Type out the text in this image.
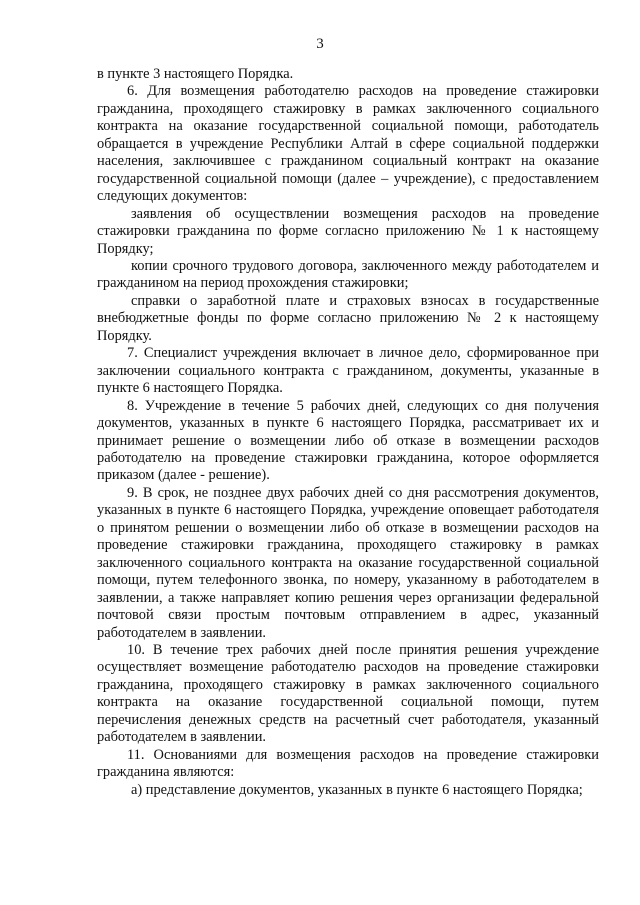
3

в пункте 3 настоящего Порядка.

6. Для возмещения работодателю расходов на проведение стажировки гражданина, проходящего стажировку в рамках заключенного социального контракта на оказание государственной социальной помощи, работодатель обращается в учреждение Республики Алтай в сфере социальной поддержки населения, заключившее с гражданином социальный контракт на оказание государственной социальной помощи (далее – учреждение), с предоставлением следующих документов:

заявления об осуществлении возмещения расходов на проведение стажировки гражданина по форме согласно приложению № 1 к настоящему Порядку;

копии срочного трудового договора, заключенного между работодателем и гражданином на период прохождения стажировки;

справки о заработной плате и страховых взносах в государственные внебюджетные фонды по форме согласно приложению № 2 к настоящему Порядку.

7. Специалист учреждения включает в личное дело, сформированное при заключении социального контракта с гражданином, документы, указанные в пункте 6 настоящего Порядка.

8. Учреждение в течение 5 рабочих дней, следующих со дня получения документов, указанных в пункте 6 настоящего Порядка, рассматривает их и принимает решение о возмещении либо об отказе в возмещении расходов работодателю на проведение стажировки гражданина, которое оформляется приказом (далее - решение).

9. В срок, не позднее двух рабочих дней со дня рассмотрения документов, указанных в пункте 6 настоящего Порядка, учреждение оповещает работодателя о принятом решении о возмещении либо об отказе в возмещении расходов на проведение стажировки гражданина, проходящего стажировку в рамках заключенного социального контракта на оказание государственной социальной помощи, путем телефонного звонка, по номеру, указанному в работодателем в заявлении, а также направляет копию решения через организации федеральной почтовой связи простым почтовым отправлением в адрес, указанный работодателем в заявлении.

10. В течение трех рабочих дней после принятия решения учреждение осуществляет возмещение работодателю расходов на проведение стажировки гражданина, проходящего стажировку в рамках заключенного социального контракта на оказание государственной социальной помощи, путем перечисления денежных средств на расчетный счет работодателя, указанный работодателем в заявлении.

11. Основаниями для возмещения расходов на проведение стажировки гражданина являются:

а) представление документов, указанных в пункте 6 настоящего Порядка;
